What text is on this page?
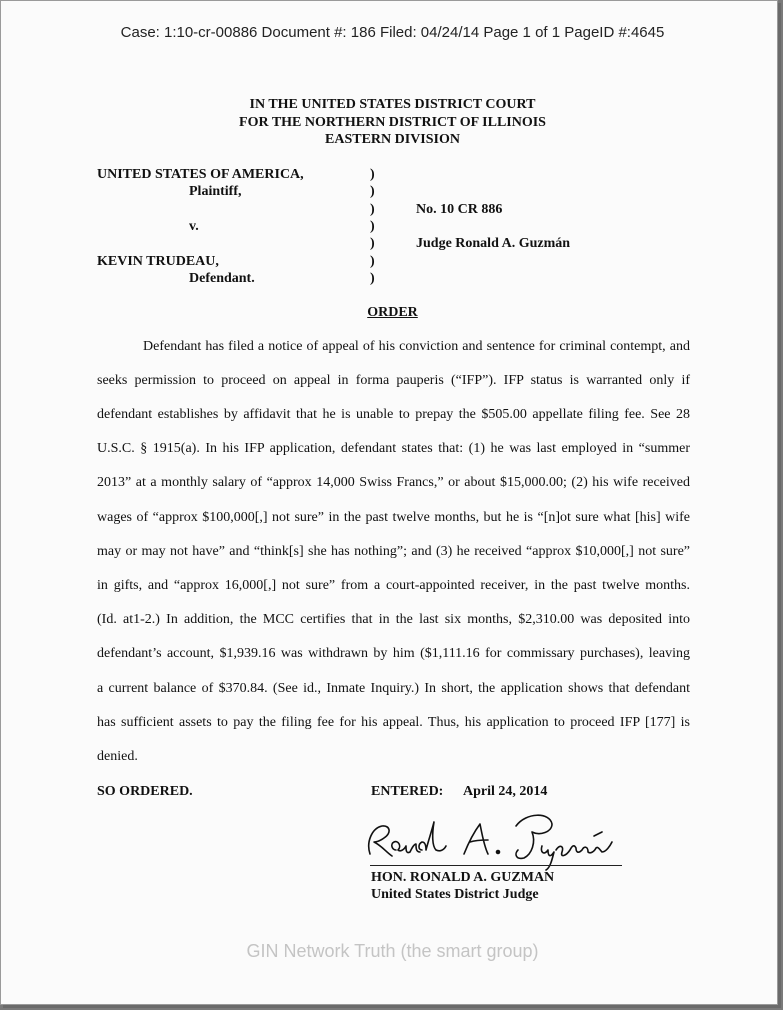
Case: 1:10-cr-00886 Document #: 186 Filed: 04/24/14 Page 1 of 1 PageID #:4645
IN THE UNITED STATES DISTRICT COURT
FOR THE NORTHERN DISTRICT OF ILLINOIS
EASTERN DIVISION
UNITED STATES OF AMERICA,
Plaintiff,
v.
KEVIN TRUDEAU,
Defendant.
)
)
)
)
)
)
)
No. 10 CR 886
Judge Ronald A. Guzmán
ORDER
Defendant has filed a notice of appeal of his conviction and sentence for criminal contempt, and
seeks permission to proceed on appeal in forma pauperis (“IFP”). IFP status is warranted only if
defendant establishes by affidavit that he is unable to prepay the $505.00 appellate filing fee. See 28
U.S.C. § 1915(a). In his IFP application, defendant states that: (1) he was last employed in “summer
2013” at a monthly salary of “approx 14,000 Swiss Francs,” or about $15,000.00; (2) his wife received
wages of “approx $100,000[,] not sure” in the past twelve months, but he is “[n]ot sure what [his] wife
may or may not have” and “think[s] she has nothing”; and (3) he received “approx $10,000[,] not sure”
in gifts, and “approx 16,000[,] not sure” from a court-appointed receiver, in the past twelve months.
(Id. at1-2.) In addition, the MCC certifies that in the last six months, $2,310.00 was deposited into
defendant’s account, $1,939.16 was withdrawn by him ($1,111.16 for commissary purchases), leaving
a current balance of $370.84. (See id., Inmate Inquiry.) In short, the application shows that defendant
has sufficient assets to pay the filing fee for his appeal. Thus, his application to proceed IFP [177] is
denied.
SO ORDERED.	ENTERED: April 24, 2014
HON. RONALD A. GUZMAN
United States District Judge
GIN Network Truth (the smart group)
